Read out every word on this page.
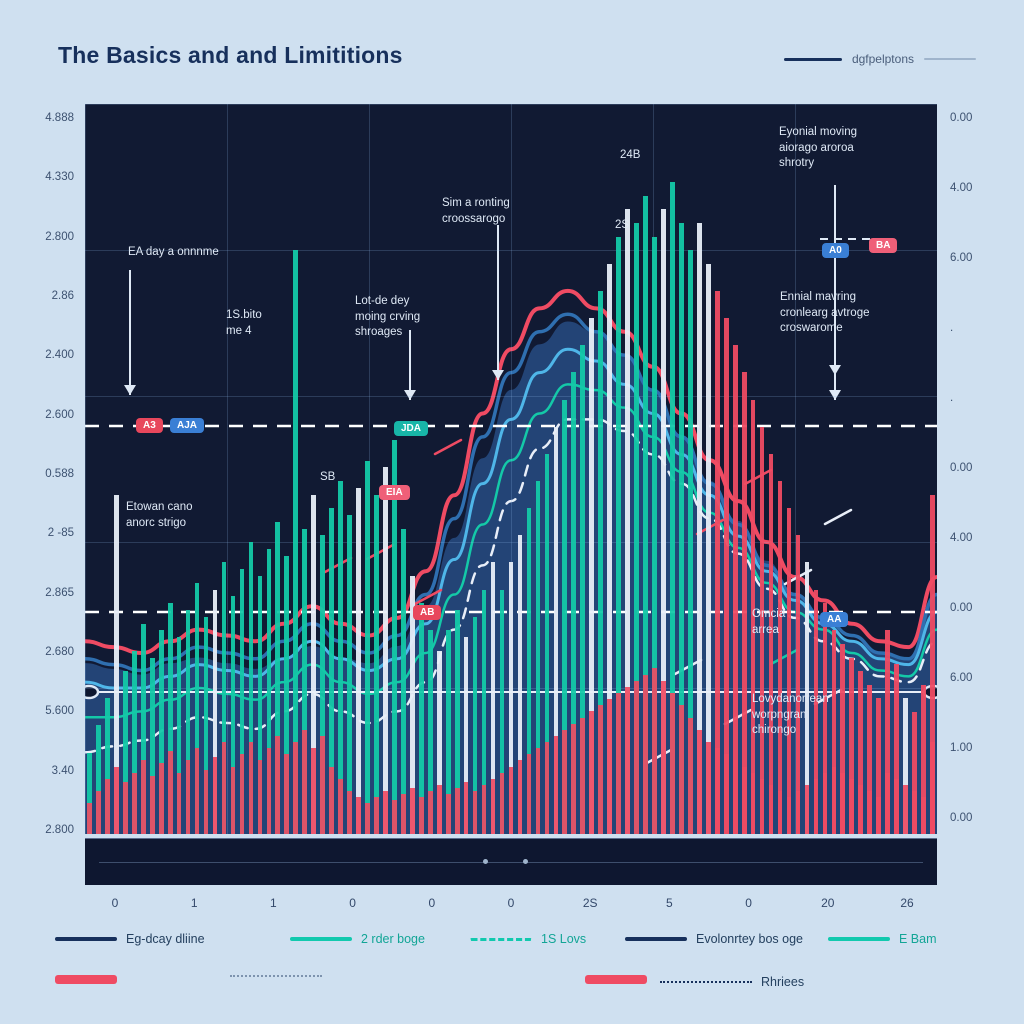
The Basics and and Limititions	dgfpelptons
4.888
4.330
2.800
2.86
2.400
2.600
0.588
2 -85
2.865
2.680
5.600
3.40
2.800
0.00
4.00
6.00
.
.
0.00
4.00
0.00
6.00
1.00
0.00
0	1	1	0	0	0	2S	5	0	20	26
Eg-dcay dliine	2 rder boge	1S Lovs	Evolonrtey bos oge	E Bam
Rhriees
EA day a onnnme
1S.bito
me 4
Lot-de dey
moing crving
shroages
Sim a ronting
croossarogo
Eyonial moving
aiorago aroroa
shrotry
Ennial mavring
cronlearg avtroge
croswarome
Etowan cano
anorc strigo
Omcia
arrea
Lovydanorrean
worpngran
chirongo
24B
2S
SB
A3	AJA	JDA
EIA
AB
A0	BA
AA
